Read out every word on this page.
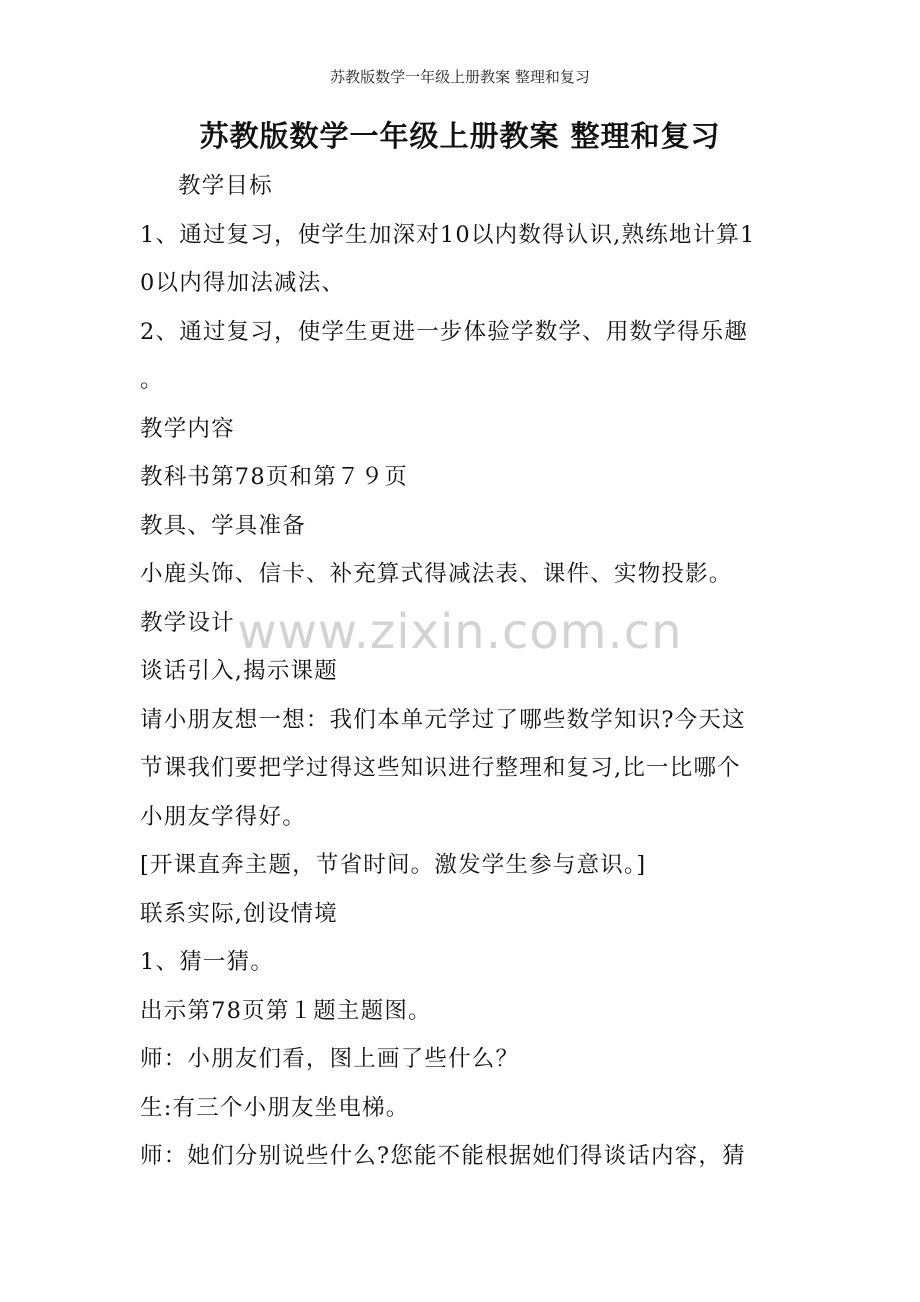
苏教版数学一年级上册教案 整理和复习
苏教版数学一年级上册教案 整理和复习
教学目标
1、通过复习，使学生加深对10以内数得认识,熟练地计算1
0以内得加法减法、
2、通过复习，使学生更进一步体验学数学、用数学得乐趣
。
教学内容
教科书第78页和第７９页
教具、学具准备
小鹿头饰、信卡、补充算式得减法表、课件、实物投影。
教学设计
谈话引入,揭示课题
请小朋友想一想：我们本单元学过了哪些数学知识?今天这
节课我们要把学过得这些知识进行整理和复习,比一比哪个
小朋友学得好。
[开课直奔主题，节省时间。激发学生参与意识。]
联系实际,创设情境
1、猜一猜。
出示第78页第１题主题图。
师：小朋友们看，图上画了些什么？
生:有三个小朋友坐电梯。
师：她们分别说些什么?您能不能根据她们得谈话内容，猜
www.zixin.com.cn
